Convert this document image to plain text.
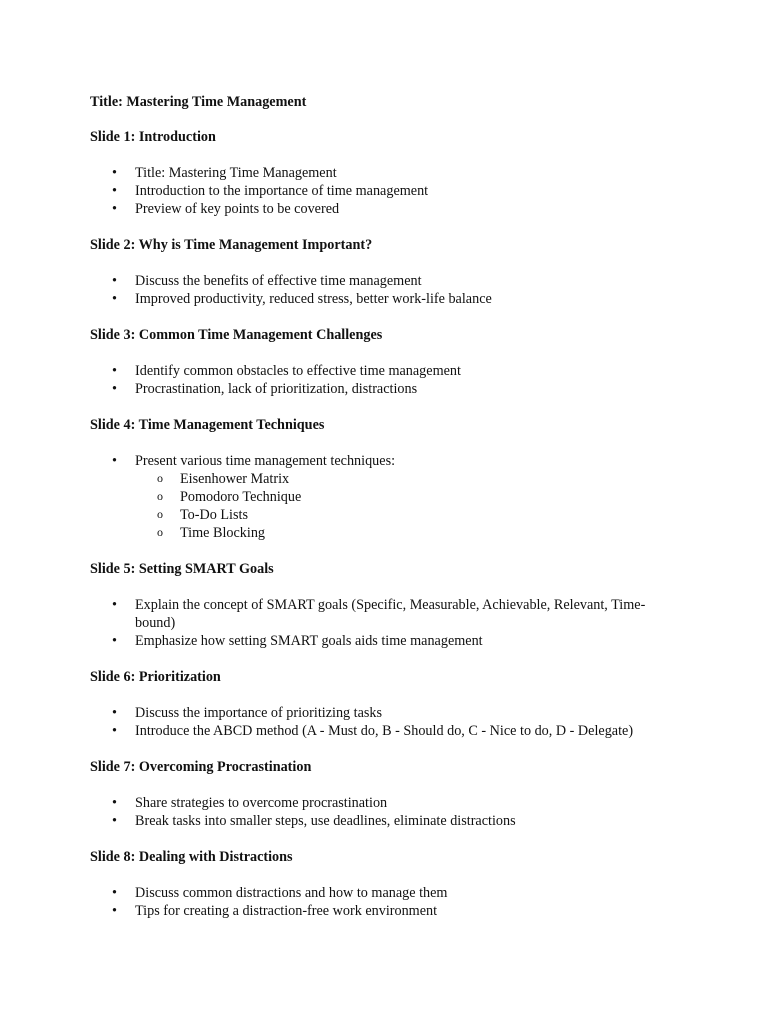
Title: Mastering Time Management

Slide 1: Introduction

• Title: Mastering Time Management
• Introduction to the importance of time management
• Preview of key points to be covered

Slide 2: Why is Time Management Important?

• Discuss the benefits of effective time management
• Improved productivity, reduced stress, better work-life balance

Slide 3: Common Time Management Challenges

• Identify common obstacles to effective time management
• Procrastination, lack of prioritization, distractions

Slide 4: Time Management Techniques

• Present various time management techniques:
o Eisenhower Matrix
o Pomodoro Technique
o To-Do Lists
o Time Blocking

Slide 5: Setting SMART Goals

• Explain the concept of SMART goals (Specific, Measurable, Achievable, Relevant, Time-bound)
• Emphasize how setting SMART goals aids time management

Slide 6: Prioritization

• Discuss the importance of prioritizing tasks
• Introduce the ABCD method (A - Must do, B - Should do, C - Nice to do, D - Delegate)

Slide 7: Overcoming Procrastination

• Share strategies to overcome procrastination
• Break tasks into smaller steps, use deadlines, eliminate distractions

Slide 8: Dealing with Distractions

• Discuss common distractions and how to manage them
• Tips for creating a distraction-free work environment
